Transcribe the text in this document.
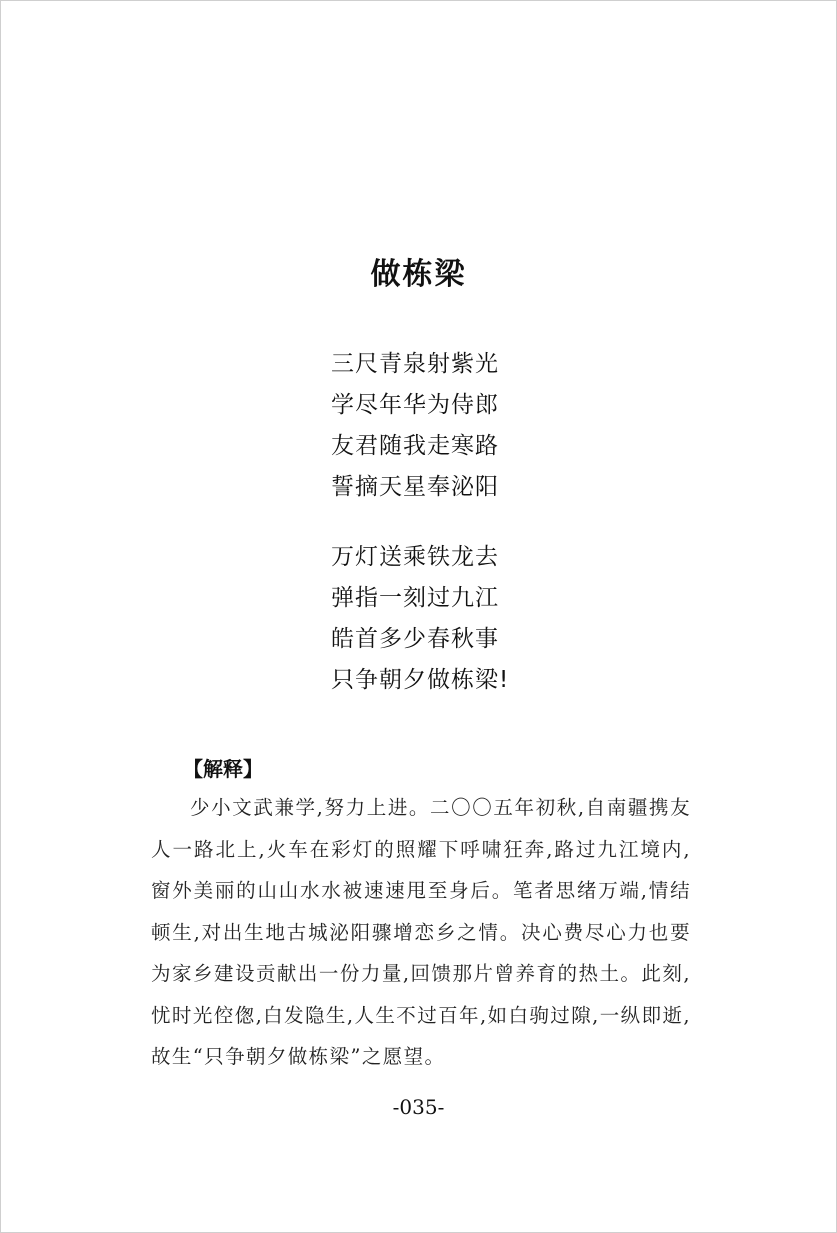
做栋梁
三尺青泉射紫光
学尽年华为侍郎
友君随我走寒路
誓摘天星奉泌阳
万灯送乘铁龙去
弹指一刻过九江
皓首多少春秋事
只争朝夕做栋梁!
【解释】
少小文武兼学,努力上进。二〇〇五年初秋,自南疆携友人一路北上,火车在彩灯的照耀下呼啸狂奔,路过九江境内,窗外美丽的山山水水被速速甩至身后。笔者思绪万端,情结顿生,对出生地古城泌阳骤增恋乡之情。决心费尽心力也要为家乡建设贡献出一份力量,回馈那片曾养育的热土。此刻,忧时光倥偬,白发隐生,人生不过百年,如白驹过隙,一纵即逝,故生“只争朝夕做栋梁”之愿望。
-035-
